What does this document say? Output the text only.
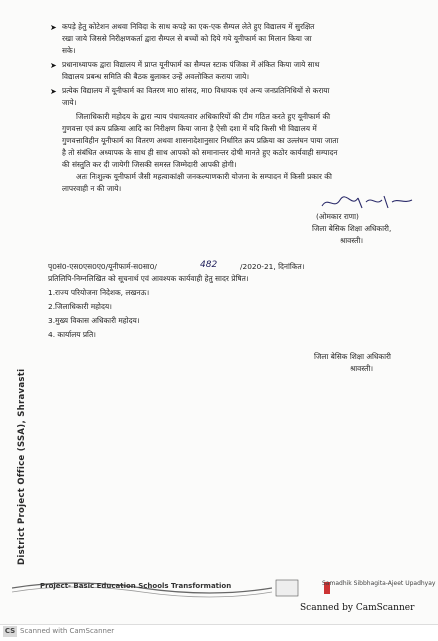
➤ कपड़े हेतु कोटेशन अथवा निविदा के साथ कपड़े का एक-एक सैम्पल लेते हुए विद्यालय में सुरक्षित
रखा जाये जिससे निरीक्षणकर्ता द्वारा सैम्पल से बच्चों को दिये गये यूनीफार्म का मिलान किया जा
सके।
➤ प्रधानाध्यापक द्वारा विद्यालय में प्राप्त यूनीफार्म का सैम्पल स्टाक पंजिका में अंकित किया जाये साथ
विद्यालय प्रबन्ध समिति की बैठक बुलाकर उन्हें अवलोकित कराया जाये।
➤ प्रत्येक विद्यालय में यूनीफार्म का वितरण मा0 सांसद, मा0 विधायक एवं अन्य जनप्रतिनिधियों से कराया
जाये।
जिलाधिकारी महोदय के द्वारा न्याय पंचायतवार अधिकारियों की टीम गठित करते हुए यूनीफार्म की
गुणवत्ता एवं क्रय प्रक्रिया आदि का निरीक्षण किया जाना है ऐसी दशा में यदि किसी भी विद्यालय में
गुणवत्ताविहीन यूनीफार्म का वितरण अथवा शासनादेशानुसार निर्धारित क्रय प्रक्रिया का उल्लंघन पाया जाता
है तो संबंधित अध्यापक के साथ ही साथ आपको को समानान्तर दोषी मानते हुए कठोर कार्यवाही सम्पादन
की संस्तुति कर दी जायेगी जिसकी समस्त जिम्मेदारी आपकी होगी।
अतः निःशुल्क यूनीफार्म जैसी महत्वाकांक्षी जनकल्याणकारी योजना के सम्पादन में किसी प्रकार की
लापरवाही न की जाये।
(ओमकार राणा)
जिला बेसिक शिक्षा अधिकारी,
श्रावस्ती।
पृ0सं0-एस0एस0ए0/यूनीफार्म-स0सा0/	482	/2020-21, दिनांकित।
प्रतिलिपि-निम्नलिखित को सूचनार्थ एवं आवश्यक कार्यवाही हेतु सादर प्रेषित।
1.राज्य परियोजना निदेशक, लखनऊ।
2.जिलाधिकारी महोदय।
3.मुख्य विकास अधिकारी महोदय।
4. कार्यालय प्रति।
जिला बेसिक शिक्षा अधिकारी
श्रावस्ती।
District Project Office (SSA), Shravasti
Project- Basic Education Schools Transformation	Samadhik Sibbhagita-Ajeet Upadhyay
Scanned by CamScanner
CS Scanned with CamScanner
